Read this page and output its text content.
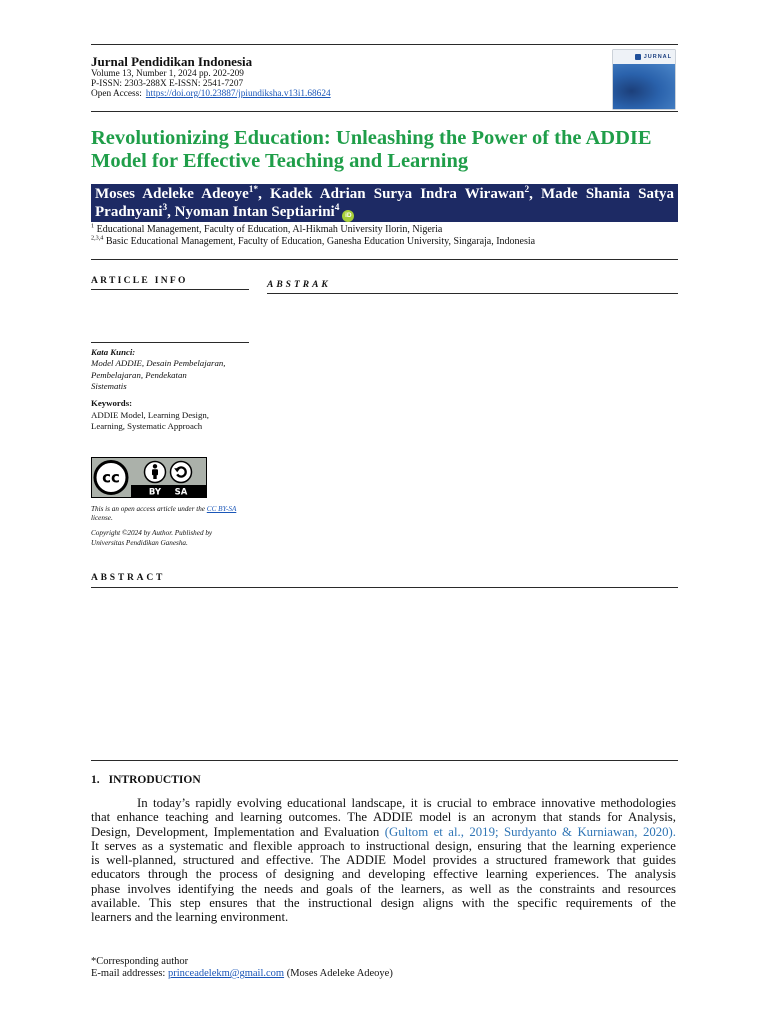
Jurnal Pendidikan Indonesia
Volume 13, Number 1, 2024 pp. 202-209
P-ISSN: 2303-288X E-ISSN: 2541-7207
Open Access: https://doi.org/10.23887/jpiundiksha.v13i1.68624
JURNAL
Revolutionizing Education: Unleashing the Power of the ADDIE
Model for Effective Teaching and Learning
Moses Adeleke Adeoye$^{1*}$, Kadek Adrian Surya Indra Wirawan$^2$, Made Shania Satya Pradnyani$^3$, Nyoman Intan Septiarini$^4$iD
$^1$ Educational Management, Faculty of Education, Al-Hikmah University Ilorin, Nigeria
$^{2,3,4}$ Basic Educational Management, Faculty of Education, Ganesha Education University, Singaraja, Indonesia
ARTICLE INFO	ABSTRAK
Kata Kunci:
Model ADDIE, Desain Pembelajaran,
Pembelajaran, Pendekatan
Sistematis
Keywords:
ADDIE Model, Learning Design,
Learning, Systematic Approach
cc
BY SA
This is an open access article under the CC BY-SA license.
Copyright ©2024 by Author. Published by
Universitas Pendidikan Ganesha.
ABSTRACT
1. INTRODUCTION
In today’s rapidly evolving educational landscape, it is crucial to embrace innovative methodologies
that enhance teaching and learning outcomes. The ADDIE model is an acronym that stands for Analysis,
Design, Development, Implementation and Evaluation (Gultom et al., 2019; Surdyanto & Kurniawan, 2020).
It serves as a systematic and flexible approach to instructional design, ensuring that the learning experience
is well-planned, structured and effective. The ADDIE Model provides a structured framework that guides
educators through the process of designing and developing effective learning experiences. The analysis
phase involves identifying the needs and goals of the learners, as well as the constraints and resources
available. This step ensures that the instructional design aligns with the specific requirements of the
learners and the learning environment.
*Corresponding author
E-mail addresses: princeadelekm@gmail.com (Moses Adeleke Adeoye)
